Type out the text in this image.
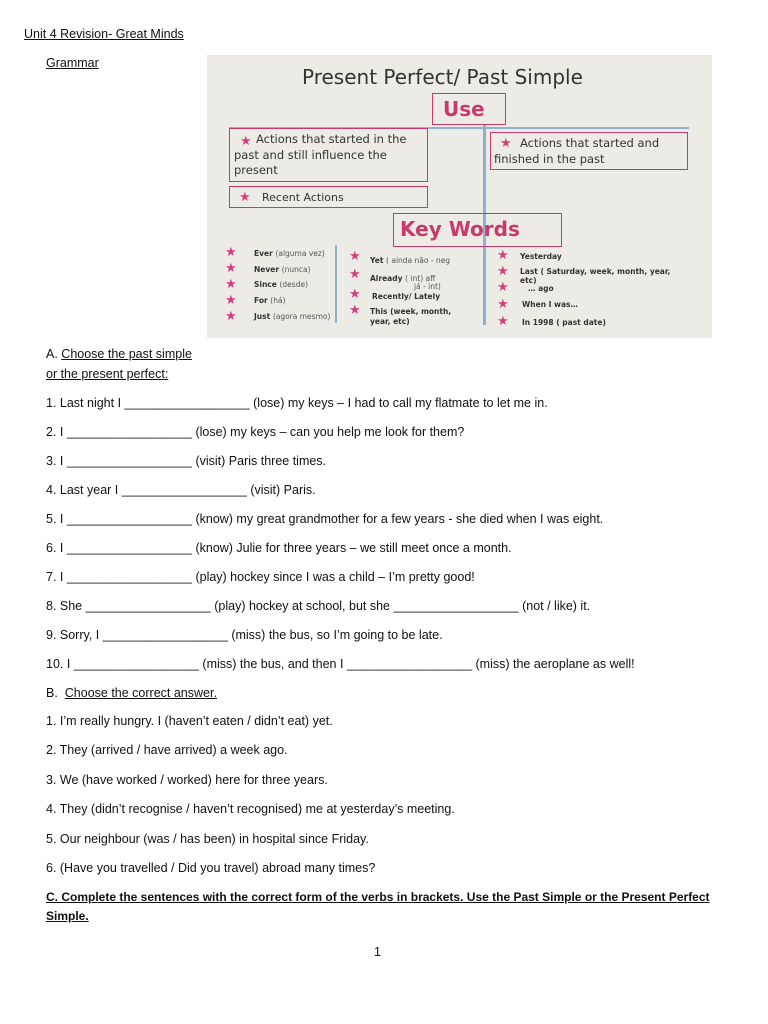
Unit 4 Revision- Great Minds
Grammar
Present Perfect/ Past Simple
Use
★ Actions that started in the past and still influence the present
★ Recent Actions
★ Actions that started and finished in the past
Key Words
★ Ever (alguma vez)
★ Never (nunca)
★ Since (desde)
★ For (há)
★ Just (agora mesmo)
★ Yet ( ainda não - neg
★ Already ( int) aff
já - int)
★ Recently/ Lately
★ This (week, month,
year, etc)
★ Yesterday
★ Last ( Saturday, week, month, year,
etc)
★	… ago
★ When I was…
★ In 1998 ( past date)
A. Choose the past simple
or the present perfect:
1. Last night I __________________ (lose) my keys – I had to call my flatmate to let me in.
2. I __________________ (lose) my keys – can you help me look for them?
3. I __________________ (visit) Paris three times.
4. Last year I __________________ (visit) Paris.
5. I __________________ (know) my great grandmother for a few years - she died when I was eight.
6. I __________________ (know) Julie for three years – we still meet once a month.
7. I __________________ (play) hockey since I was a child – I’m pretty good!
8. She __________________ (play) hockey at school, but she __________________ (not / like) it.
9. Sorry, I __________________ (miss) the bus, so I’m going to be late.
10. I __________________ (miss) the bus, and then I __________________ (miss) the aeroplane as well!
B. Choose the correct answer.
1. I’m really hungry. I (haven’t eaten / didn’t eat) yet.
2. They (arrived / have arrived) a week ago.
3. We (have worked / worked) here for three years.
4. They (didn’t recognise / haven’t recognised) me at yesterday’s meeting.
5. Our neighbour (was / has been) in hospital since Friday.
6. (Have you travelled / Did you travel) abroad many times?
C. Complete the sentences with the correct form of the verbs in brackets. Use the Past Simple or the Present Perfect
Simple.
1
